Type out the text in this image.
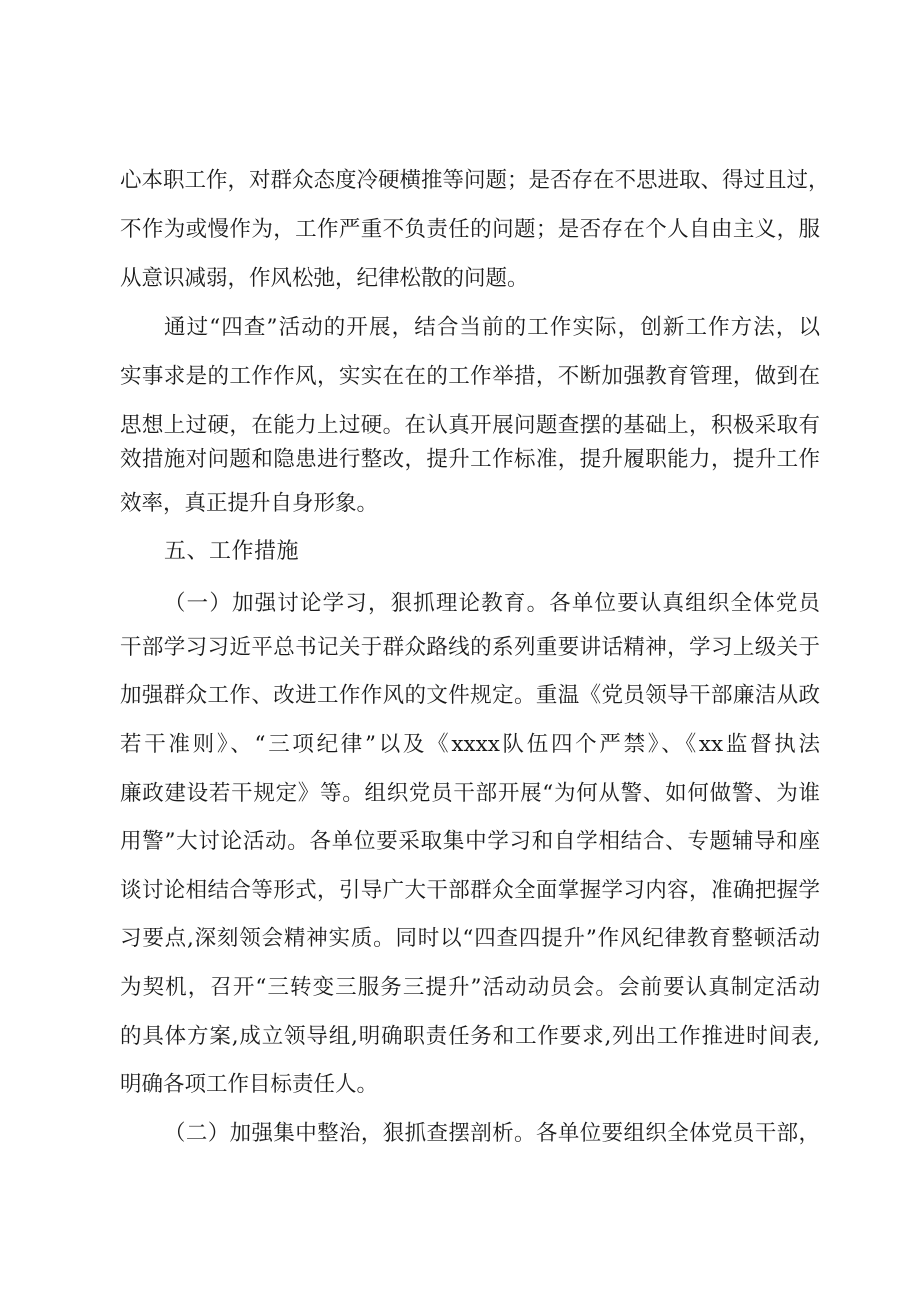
心本职工作，对群众态度冷硬横推等问题；是否存在不思进取、得过且过，
不作为或慢作为，工作严重不负责任的问题；是否存在个人自由主义，服
从意识减弱，作风松弛，纪律松散的问题。
通过“四查”活动的开展，结合当前的工作实际，创新工作方法，以
实事求是的工作作风，实实在在的工作举措，不断加强教育管理，做到在
思想上过硬，在能力上过硬。在认真开展问题查摆的基础上，积极采取有
效措施对问题和隐患进行整改，提升工作标准，提升履职能力，提升工作
效率，真正提升自身形象。
五、工作措施
（一）加强讨论学习，狠抓理论教育。各单位要认真组织全体党员
干部学习习近平总书记关于群众路线的系列重要讲话精神，学习上级关于
加强群众工作、改进工作作风的文件规定。重温《党员领导干部廉洁从政
若干准则》、“三项纪律”以及《xxxx队伍四个严禁》、《xx监督执法
廉政建设若干规定》等。组织党员干部开展“为何从警、如何做警、为谁
用警”大讨论活动。各单位要采取集中学习和自学相结合、专题辅导和座
谈讨论相结合等形式，引导广大干部群众全面掌握学习内容，准确把握学
习要点,深刻领会精神实质。同时以“四查四提升”作风纪律教育整顿活动
为契机，召开“三转变三服务三提升”活动动员会。会前要认真制定活动
的具体方案,成立领导组,明确职责任务和工作要求,列出工作推进时间表,
明确各项工作目标责任人。
（二）加强集中整治，狠抓查摆剖析。各单位要组织全体党员干部，
